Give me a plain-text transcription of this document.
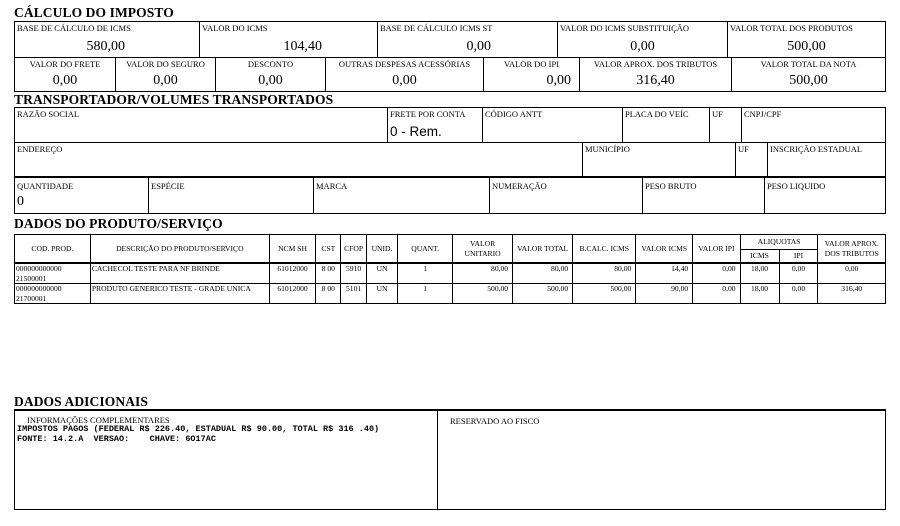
CÁLCULO DO IMPOSTO
BASE DE CÁLCULO DE ICMS
580,00
VALOR DO ICMS
104,40
BASE DE CÁLCULO ICMS ST
0,00
VALOR DO ICMS SUBSTITUIÇÃO
0,00
VALOR TOTAL DOS PRODUTOS
500,00
VALOR DO FRETE
0,00
VALOR DO SEGURO
0,00
DESCONTO
0,00
OUTRAS DESPESAS ACESSÓRIAS
0,00
VALOR DO IPI
0,00
VALOR APROX. DOS TRIBUTOS
316,40
VALOR TOTAL DA NOTA
500,00
TRANSPORTADOR/VOLUMES TRANSPORTADOS
RAZÃO SOCIAL	FRETE POR CONTA
0 - Rem.
CÓDIGO ANTT	PLACA DO VEÍC	UF CNPJ/CPF
ENDEREÇO	MUNICÍPIO	UF INSCRIÇÃO ESTADUAL
QUANTIDADE
0
ESPÉCIE	MARCA	NUMERAÇÃO	PESO BRUTO	PESO LIQUIDO
DADOS DO PRODUTO/SERVIÇO
COD. PROD.	DESCRIÇÃO DO PRODUTO/SERVIÇO	NCM SH	CST	CFOP	UNID.	QUANT.	VALOR UNITARIO	VALOR TOTAL	B.CALC. ICMS	VALOR ICMS	VALOR IPI	ALIQUOTAS		VALOR APROX. DOS TRIBUTOS
												ICMS	IPI	
000000000000 21500001	CACHECOL TESTE PARA NF BRINDE	61012000	8 00	5910	UN	1	80,00	80,00	80,00	14,40	0,00	18,00	0,00	0,00
000000000000 21700001	PRODUTO GENERICO TESTE - GRADE UNICA	61012000	8 00	5101	UN	1	500,00	500,00	500,00	90,00	0,00	18,00	0,00	316,40
DADOS ADICIONAIS
INFORMAÇÕES COMPLEMENTARES
IMPOSTOS PAGOS (FEDERAL R$ 226.40, ESTADUAL R$ 90.00, TOTAL R$ 316 .40)      FONTE: 14.2.A  VERSAO:    CHAVE: 6O17AC
RESERVADO AO FISCO
